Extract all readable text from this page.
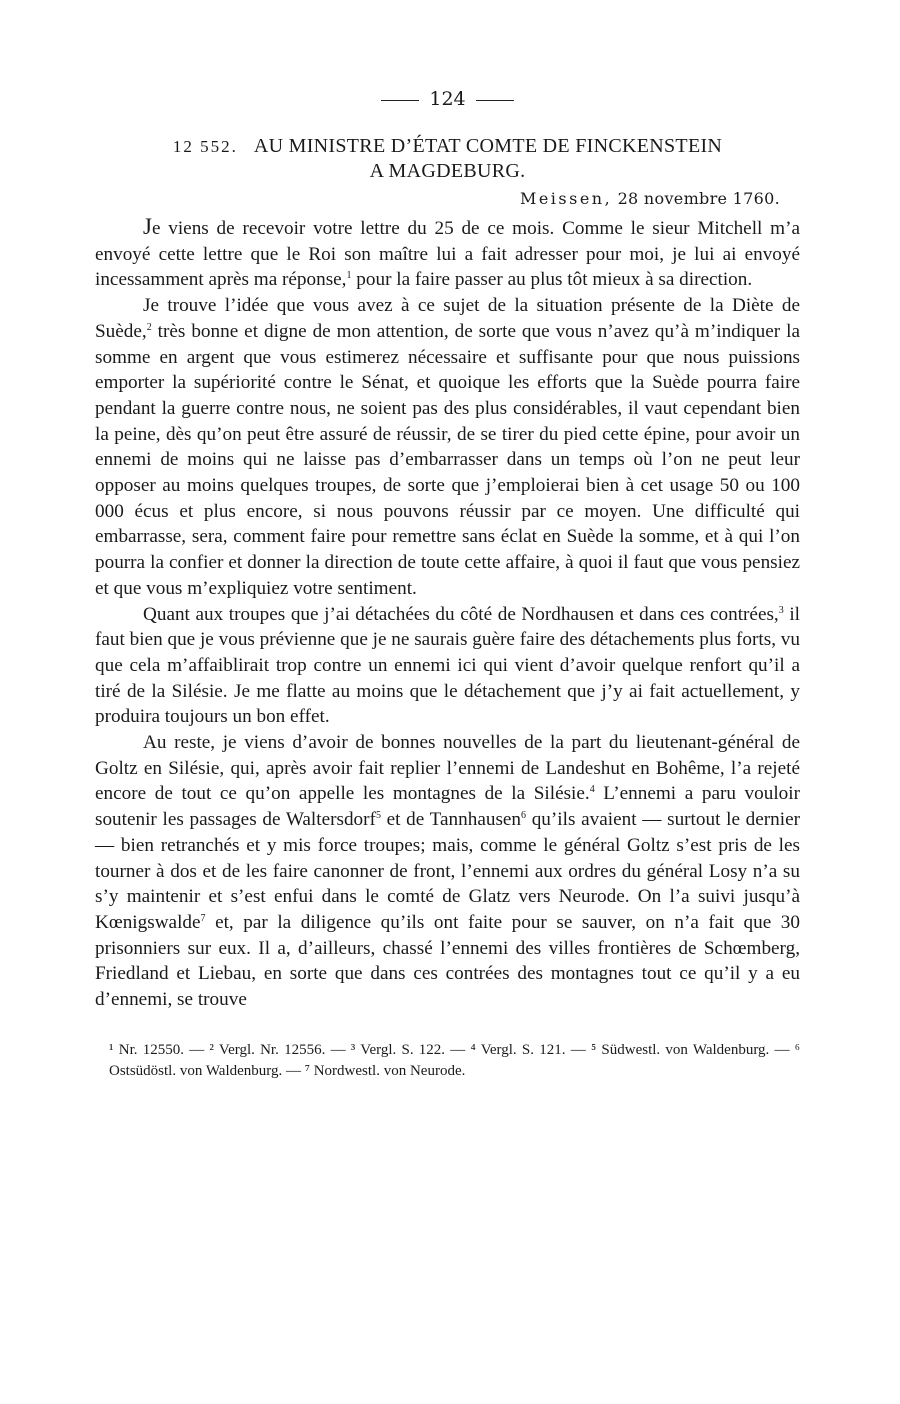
124
12 552. AU MINISTRE D’ÉTAT COMTE DE FINCKENSTEIN
A MAGDEBURG.
Meissen, 28 novembre 1760.

Je viens de recevoir votre lettre du 25 de ce mois. Comme le sieur Mitchell m’a envoyé cette lettre que le Roi son maître lui a fait adresser pour moi, je lui ai envoyé incessamment après ma réponse,$^1$ pour la faire passer au plus tôt mieux à sa direction.

Je trouve l’idée que vous avez à ce sujet de la situation présente de la Diète de Suède,$^2$ très bonne et digne de mon attention, de sorte que vous n’avez qu’à m’indiquer la somme en argent que vous estimerez nécessaire et suffisante pour que nous puissions emporter la supériorité contre le Sénat, et quoique les efforts que la Suède pourra faire pendant la guerre contre nous, ne soient pas des plus considérables, il vaut cependant bien la peine, dès qu’on peut être assuré de réussir, de se tirer du pied cette épine, pour avoir un ennemi de moins qui ne laisse pas d’embarrasser dans un temps où l’on ne peut leur opposer au moins quelques troupes, de sorte que j’emploierai bien à cet usage 50 ou 100 000 écus et plus encore, si nous pouvons réussir par ce moyen. Une difficulté qui embarrasse, sera, comment faire pour remettre sans éclat en Suède la somme, et à qui l’on pourra la confier et donner la direction de toute cette affaire, à quoi il faut que vous pensiez et que vous m’expliquiez votre sentiment.

Quant aux troupes que j’ai détachées du côté de Nordhausen et dans ces contrées,$^3$ il faut bien que je vous prévienne que je ne saurais guère faire des détachements plus forts, vu que cela m’affaiblirait trop contre un ennemi ici qui vient d’avoir quelque renfort qu’il a tiré de la Silésie. Je me flatte au moins que le détachement que j’y ai fait actuellement, y produira toujours un bon effet.

Au reste, je viens d’avoir de bonnes nouvelles de la part du lieutenant-général de Goltz en Silésie, qui, après avoir fait replier l’ennemi de Landeshut en Bohême, l’a rejeté encore de tout ce qu’on appelle les montagnes de la Silésie.$^4$ L’ennemi a paru vouloir soutenir les passages de Waltersdorf$^5$ et de Tannhausen$^6$ qu’ils avaient — surtout le dernier — bien retranchés et y mis force troupes; mais, comme le général Goltz s’est pris de les tourner à dos et de les faire canonner de front, l’ennemi aux ordres du général Losy n’a su s’y maintenir et s’est enfui dans le comté de Glatz vers Neurode. On l’a suivi jusqu’à Kœnigswalde$^7$ et, par la diligence qu’ils ont faite pour se sauver, on n’a fait que 30 prisonniers sur eux. Il a, d’ailleurs, chassé l’ennemi des villes frontières de Schœmberg, Friedland et Liebau, en sorte que dans ces contrées des montagnes tout ce qu’il y a eu d’ennemi, se trouve

¹ Nr. 12550. — ² Vergl. Nr. 12556. — ³ Vergl. S. 122. — ⁴ Vergl. S. 121. — ⁵ Südwestl. von Waldenburg. — ⁶ Ostsüdöstl. von Waldenburg. — ⁷ Nordwestl. von Neurode.
